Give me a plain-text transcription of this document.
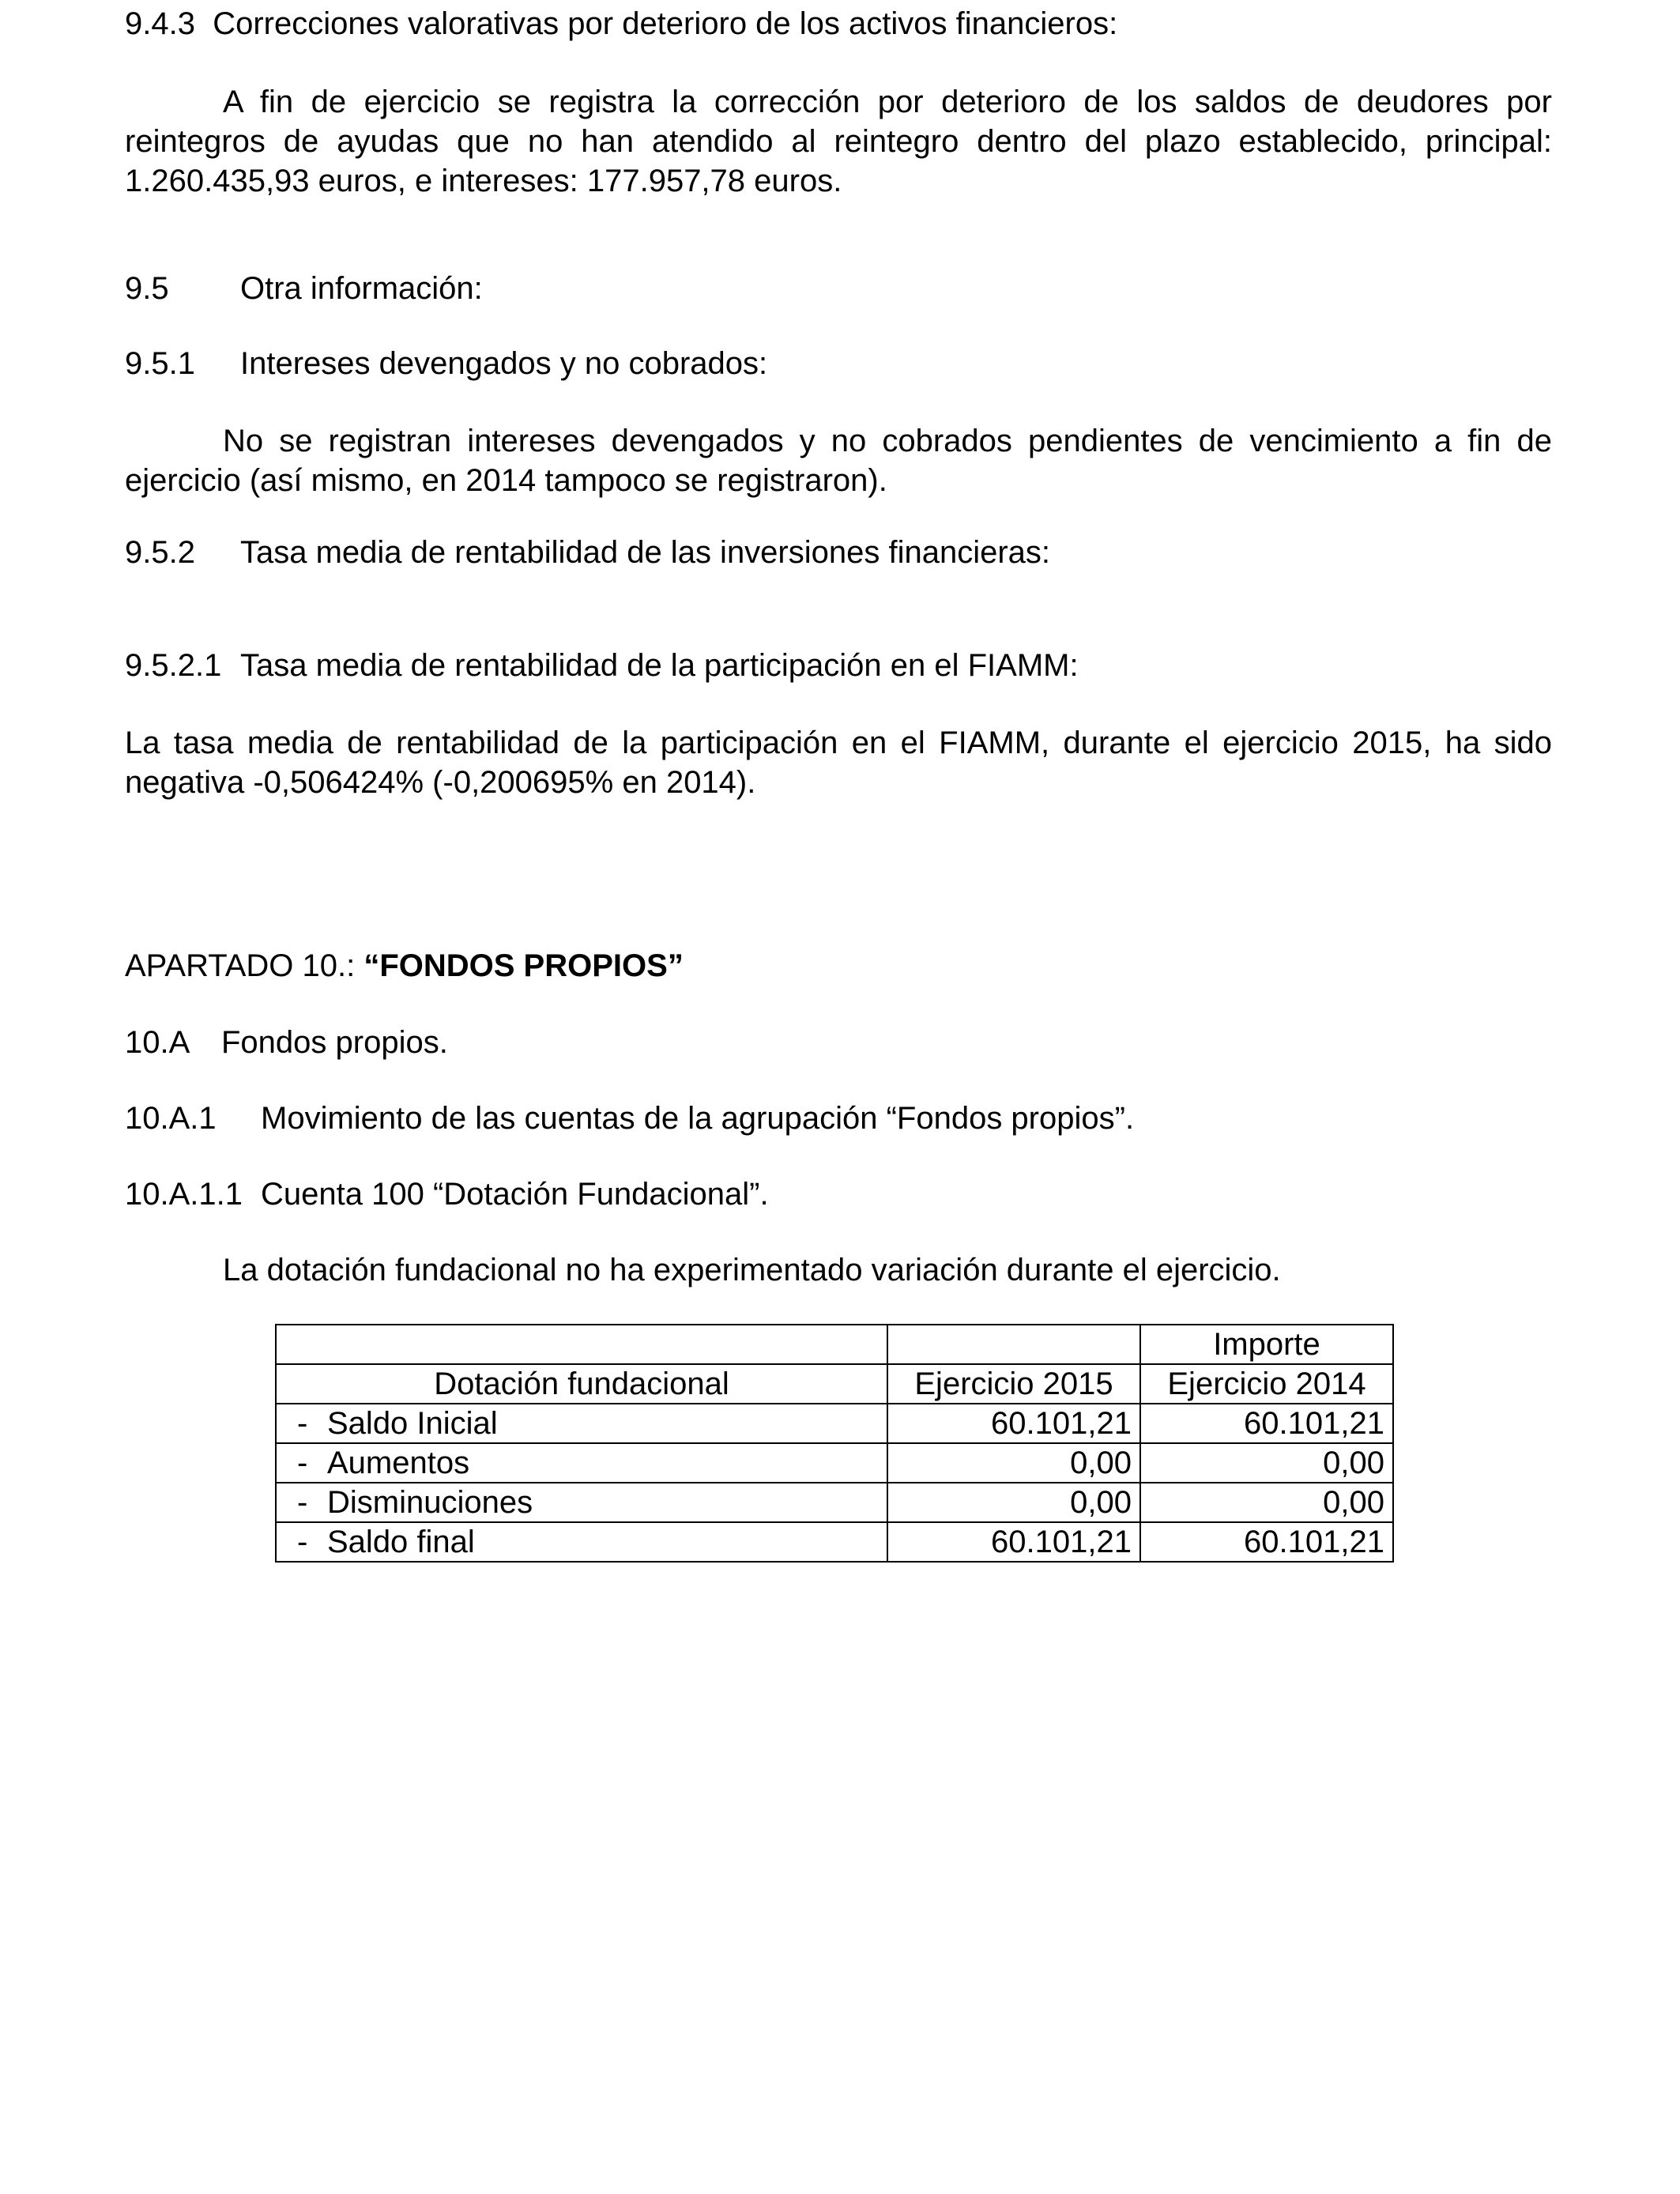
9.4.3 Correcciones valorativas por deterioro de los activos financieros:
A fin de ejercicio se registra la corrección por deterioro de los saldos de deudores por
reintegros de ayudas que no han atendido al reintegro dentro del plazo establecido, principal:
1.260.435,93 euros, e intereses: 177.957,78 euros.
9.5 Otra información:
9.5.1 Intereses devengados y no cobrados:
No se registran intereses devengados y no cobrados pendientes de vencimiento a fin de
ejercicio (así mismo, en 2014 tampoco se registraron).
9.5.2 Tasa media de rentabilidad de las inversiones financieras:
9.5.2.1 Tasa media de rentabilidad de la participación en el FIAMM:
La tasa media de rentabilidad de la participación en el FIAMM, durante el ejercicio 2015, ha sido
negativa -0,506424% (-0,200695% en 2014).
APARTADO 10.: “FONDOS PROPIOS”
10.A Fondos propios.
10.A.1 Movimiento de las cuentas de la agrupación “Fondos propios”.
10.A.1.1 Cuenta 100 “Dotación Fundacional”.
La dotación fundacional no ha experimentado variación durante el ejercicio.
		Importe
Dotación fundacional	Ejercicio 2015	Ejercicio 2014
- Saldo Inicial	60.101,21	60.101,21
- Aumentos	0,00	0,00
- Disminuciones	0,00	0,00
- Saldo final	60.101,21	60.101,21
